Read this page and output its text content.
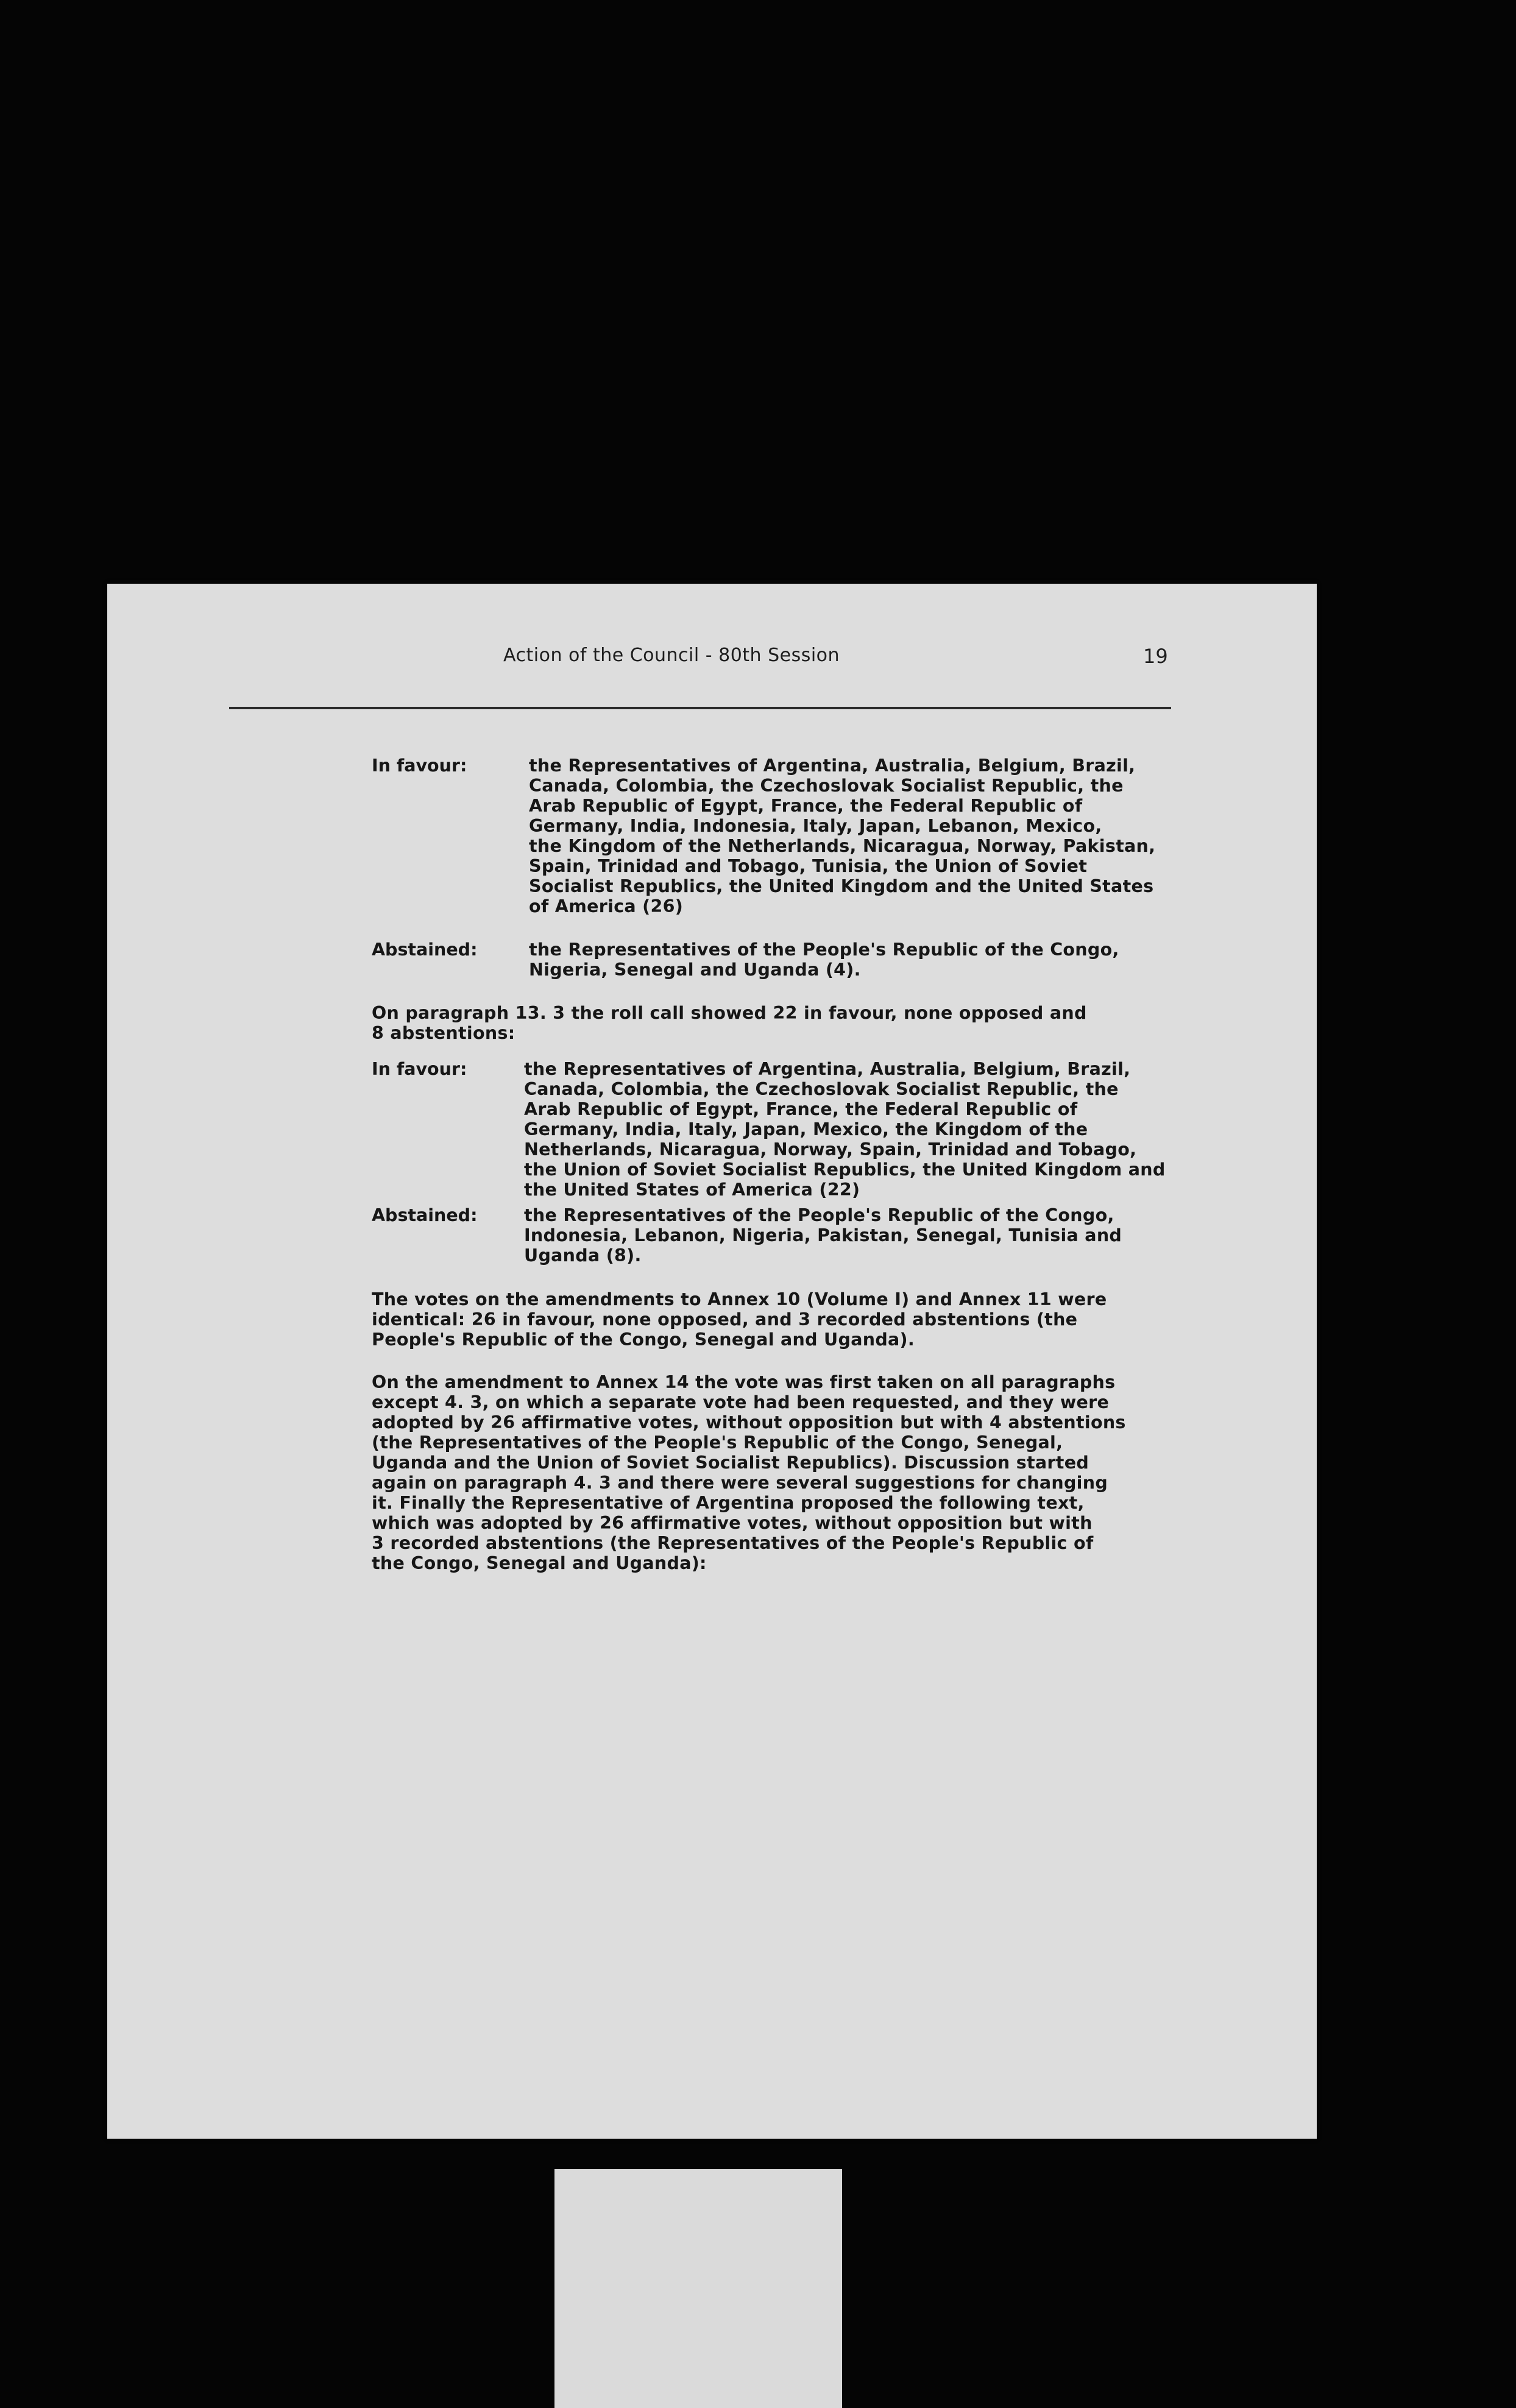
Action of the Council - 80th Session	19
In favour:	the Representatives of Argentina, Australia, Belgium, Brazil,
Canada, Colombia, the Czechoslovak Socialist Republic, the
Arab Republic of Egypt, France, the Federal Republic of
Germany, India, Indonesia, Italy, Japan, Lebanon, Mexico,
the Kingdom of the Netherlands, Nicaragua, Norway, Pakistan,
Spain, Trinidad and Tobago, Tunisia, the Union of Soviet
Socialist Republics, the United Kingdom and the United States
of America (26)
Abstained:	the Representatives of the People's Republic of the Congo,
Nigeria, Senegal and Uganda (4).
On paragraph 13. 3 the roll call showed 22 in favour, none opposed and
8 abstentions:
In favour:	the Representatives of Argentina, Australia, Belgium, Brazil,
Canada, Colombia, the Czechoslovak Socialist Republic, the
Arab Republic of Egypt, France, the Federal Republic of
Germany, India, Italy, Japan, Mexico, the Kingdom of the
Netherlands, Nicaragua, Norway, Spain, Trinidad and Tobago,
the Union of Soviet Socialist Republics, the United Kingdom and
the United States of America (22)
Abstained:	the Representatives of the People's Republic of the Congo,
Indonesia, Lebanon, Nigeria, Pakistan, Senegal, Tunisia and
Uganda (8).
The votes on the amendments to Annex 10 (Volume I) and Annex 11 were
identical: 26 in favour, none opposed, and 3 recorded abstentions (the
People's Republic of the Congo, Senegal and Uganda).
On the amendment to Annex 14 the vote was first taken on all paragraphs
except 4. 3, on which a separate vote had been requested, and they were
adopted by 26 affirmative votes, without opposition but with 4 abstentions
(the Representatives of the People's Republic of the Congo, Senegal,
Uganda and the Union of Soviet Socialist Republics). Discussion started
again on paragraph 4. 3 and there were several suggestions for changing
it. Finally the Representative of Argentina proposed the following text,
which was adopted by 26 affirmative votes, without opposition but with
3 recorded abstentions (the Representatives of the People's Republic of
the Congo, Senegal and Uganda):
